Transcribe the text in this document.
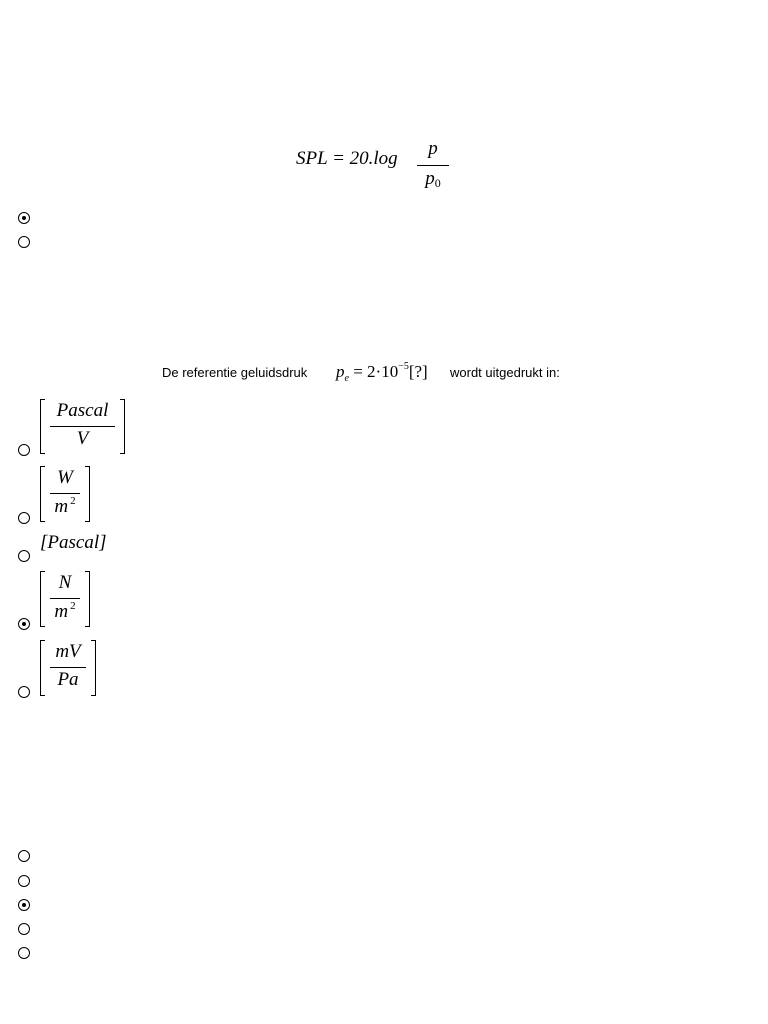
SPL = 20.log	p
p0
De referentie geluidsdruk $p_e$ = $2\cdot 10^{-5}[?]$ wordt uitgedrukt in:
Pascal
V
W
m $^2$
[Pascal]
N
m $^2$
mV
Pa
